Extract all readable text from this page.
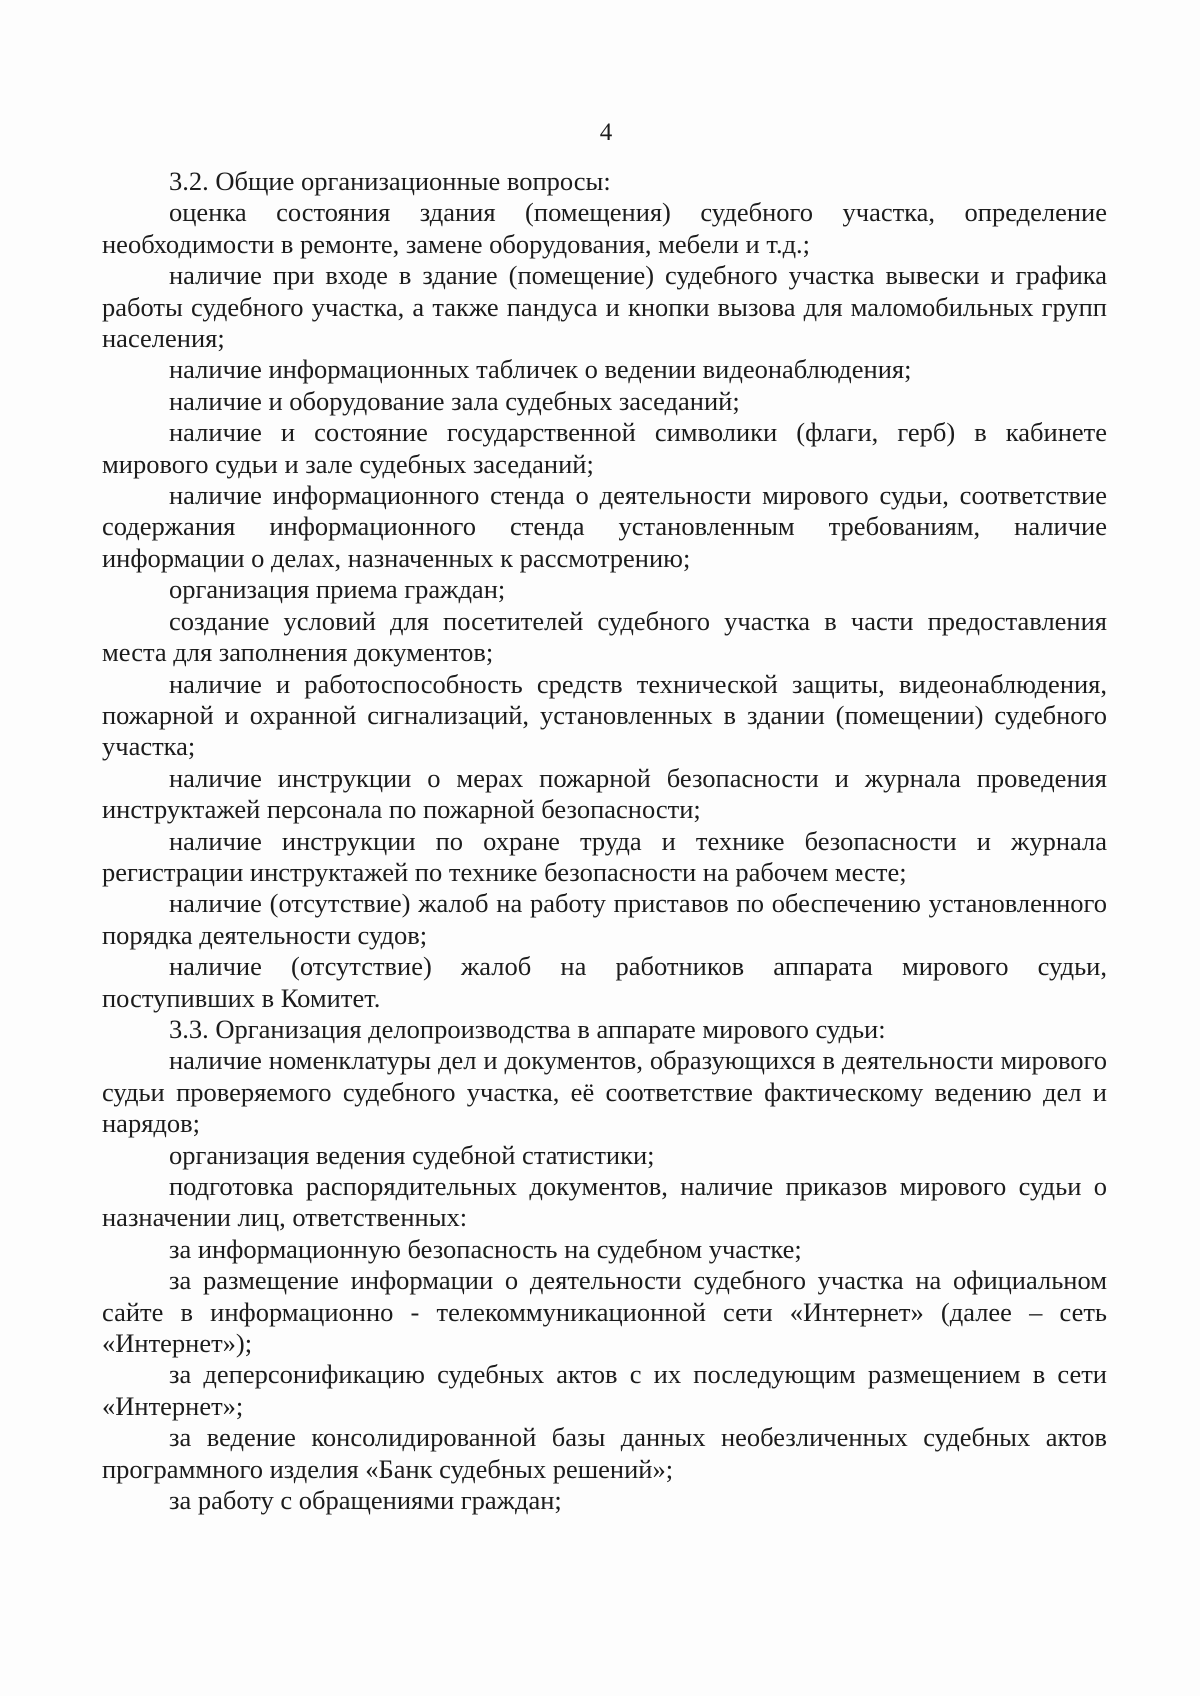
4

3.2. Общие организационные вопросы:

оценка состояния здания (помещения) судебного участка, определение необходимости в ремонте, замене оборудования, мебели и т.д.;

наличие при входе в здание (помещение) судебного участка вывески и графика работы судебного участка, а также пандуса и кнопки вызова для маломобильных групп населения;

наличие информационных табличек о ведении видеонаблюдения;

наличие и оборудование зала судебных заседаний;

наличие и состояние государственной символики (флаги, герб) в кабинете мирового судьи и зале судебных заседаний;

наличие информационного стенда о деятельности мирового судьи, соответствие содержания информационного стенда установленным требованиям, наличие информации о делах, назначенных к рассмотрению;

организация приема граждан;

создание условий для посетителей судебного участка в части предоставления места для заполнения документов;

наличие и работоспособность средств технической защиты, видеонаблюдения, пожарной и охранной сигнализаций, установленных в здании (помещении) судебного участка;

наличие инструкции о мерах пожарной безопасности и журнала проведения инструктажей персонала по пожарной безопасности;

наличие инструкции по охране труда и технике безопасности и журнала регистрации инструктажей по технике безопасности на рабочем месте;

наличие (отсутствие) жалоб на работу приставов по обеспечению установленного порядка деятельности судов;

наличие (отсутствие) жалоб на работников аппарата мирового судьи, поступивших в Комитет.

3.3. Организация делопроизводства в аппарате мирового судьи:

наличие номенклатуры дел и документов, образующихся в деятельности мирового судьи проверяемого судебного участка, её соответствие фактическому ведению дел и нарядов;

организация ведения судебной статистики;

подготовка распорядительных документов, наличие приказов мирового судьи о назначении лиц, ответственных:

за информационную безопасность на судебном участке;

за размещение информации о деятельности судебного участка на официальном сайте в информационно - телекоммуникационной сети «Интернет» (далее – сеть «Интернет»);

за деперсонификацию судебных актов с их последующим размещением в сети «Интернет»;

за ведение консолидированной базы данных необезличенных судебных актов программного изделия «Банк судебных решений»;

за работу с обращениями граждан;
